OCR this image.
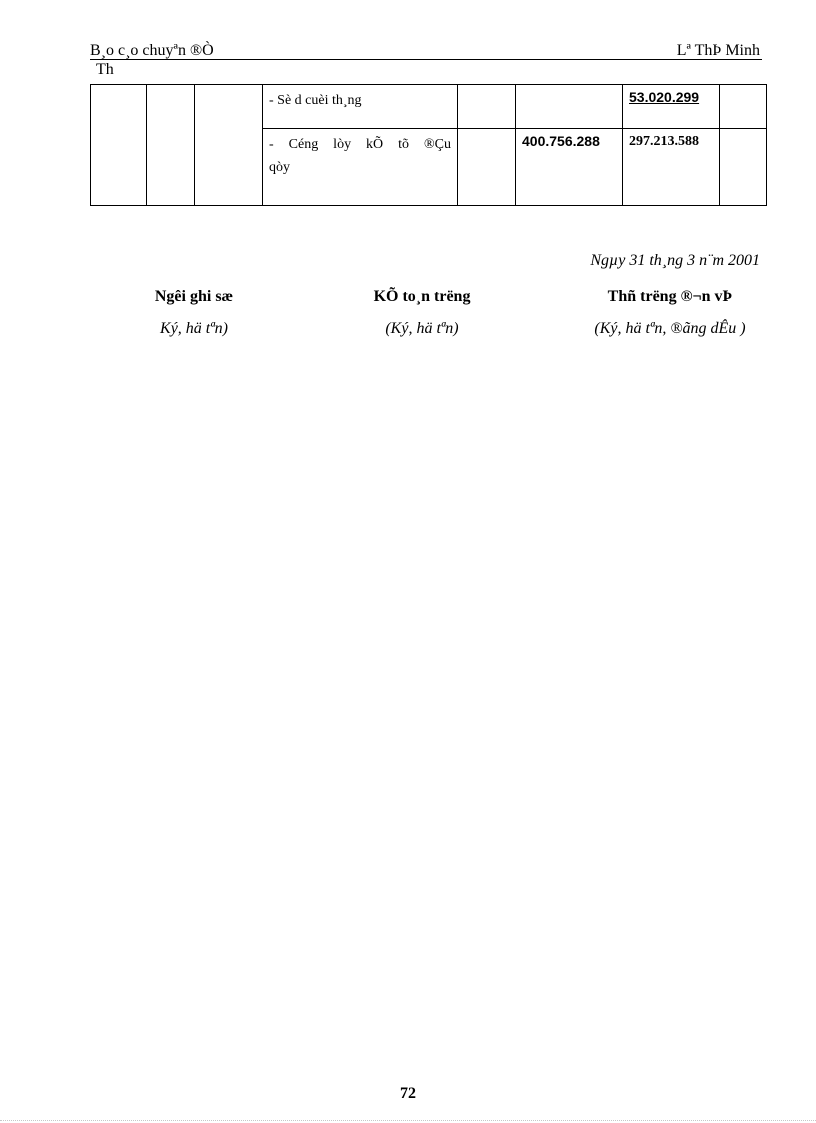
B¸o c¸o chuyªn ®Ò	Lª ThÞ Minh
Th
			- Sè d cuèi th¸ng			53.020.299	

			- Céng lòy kÕ tõ ®Çu
qòy		400.756.288	297.213.588	
Ngµy 31 th¸ng 3 n¨m 2001
Ngêi ghi sæ
Ký, hä tªn)
KÕ to¸n trëng
(Ký, hä tªn)
Thñ trëng ®¬n vÞ
(Ký, hä tªn, ®ãng dÊu )
72
